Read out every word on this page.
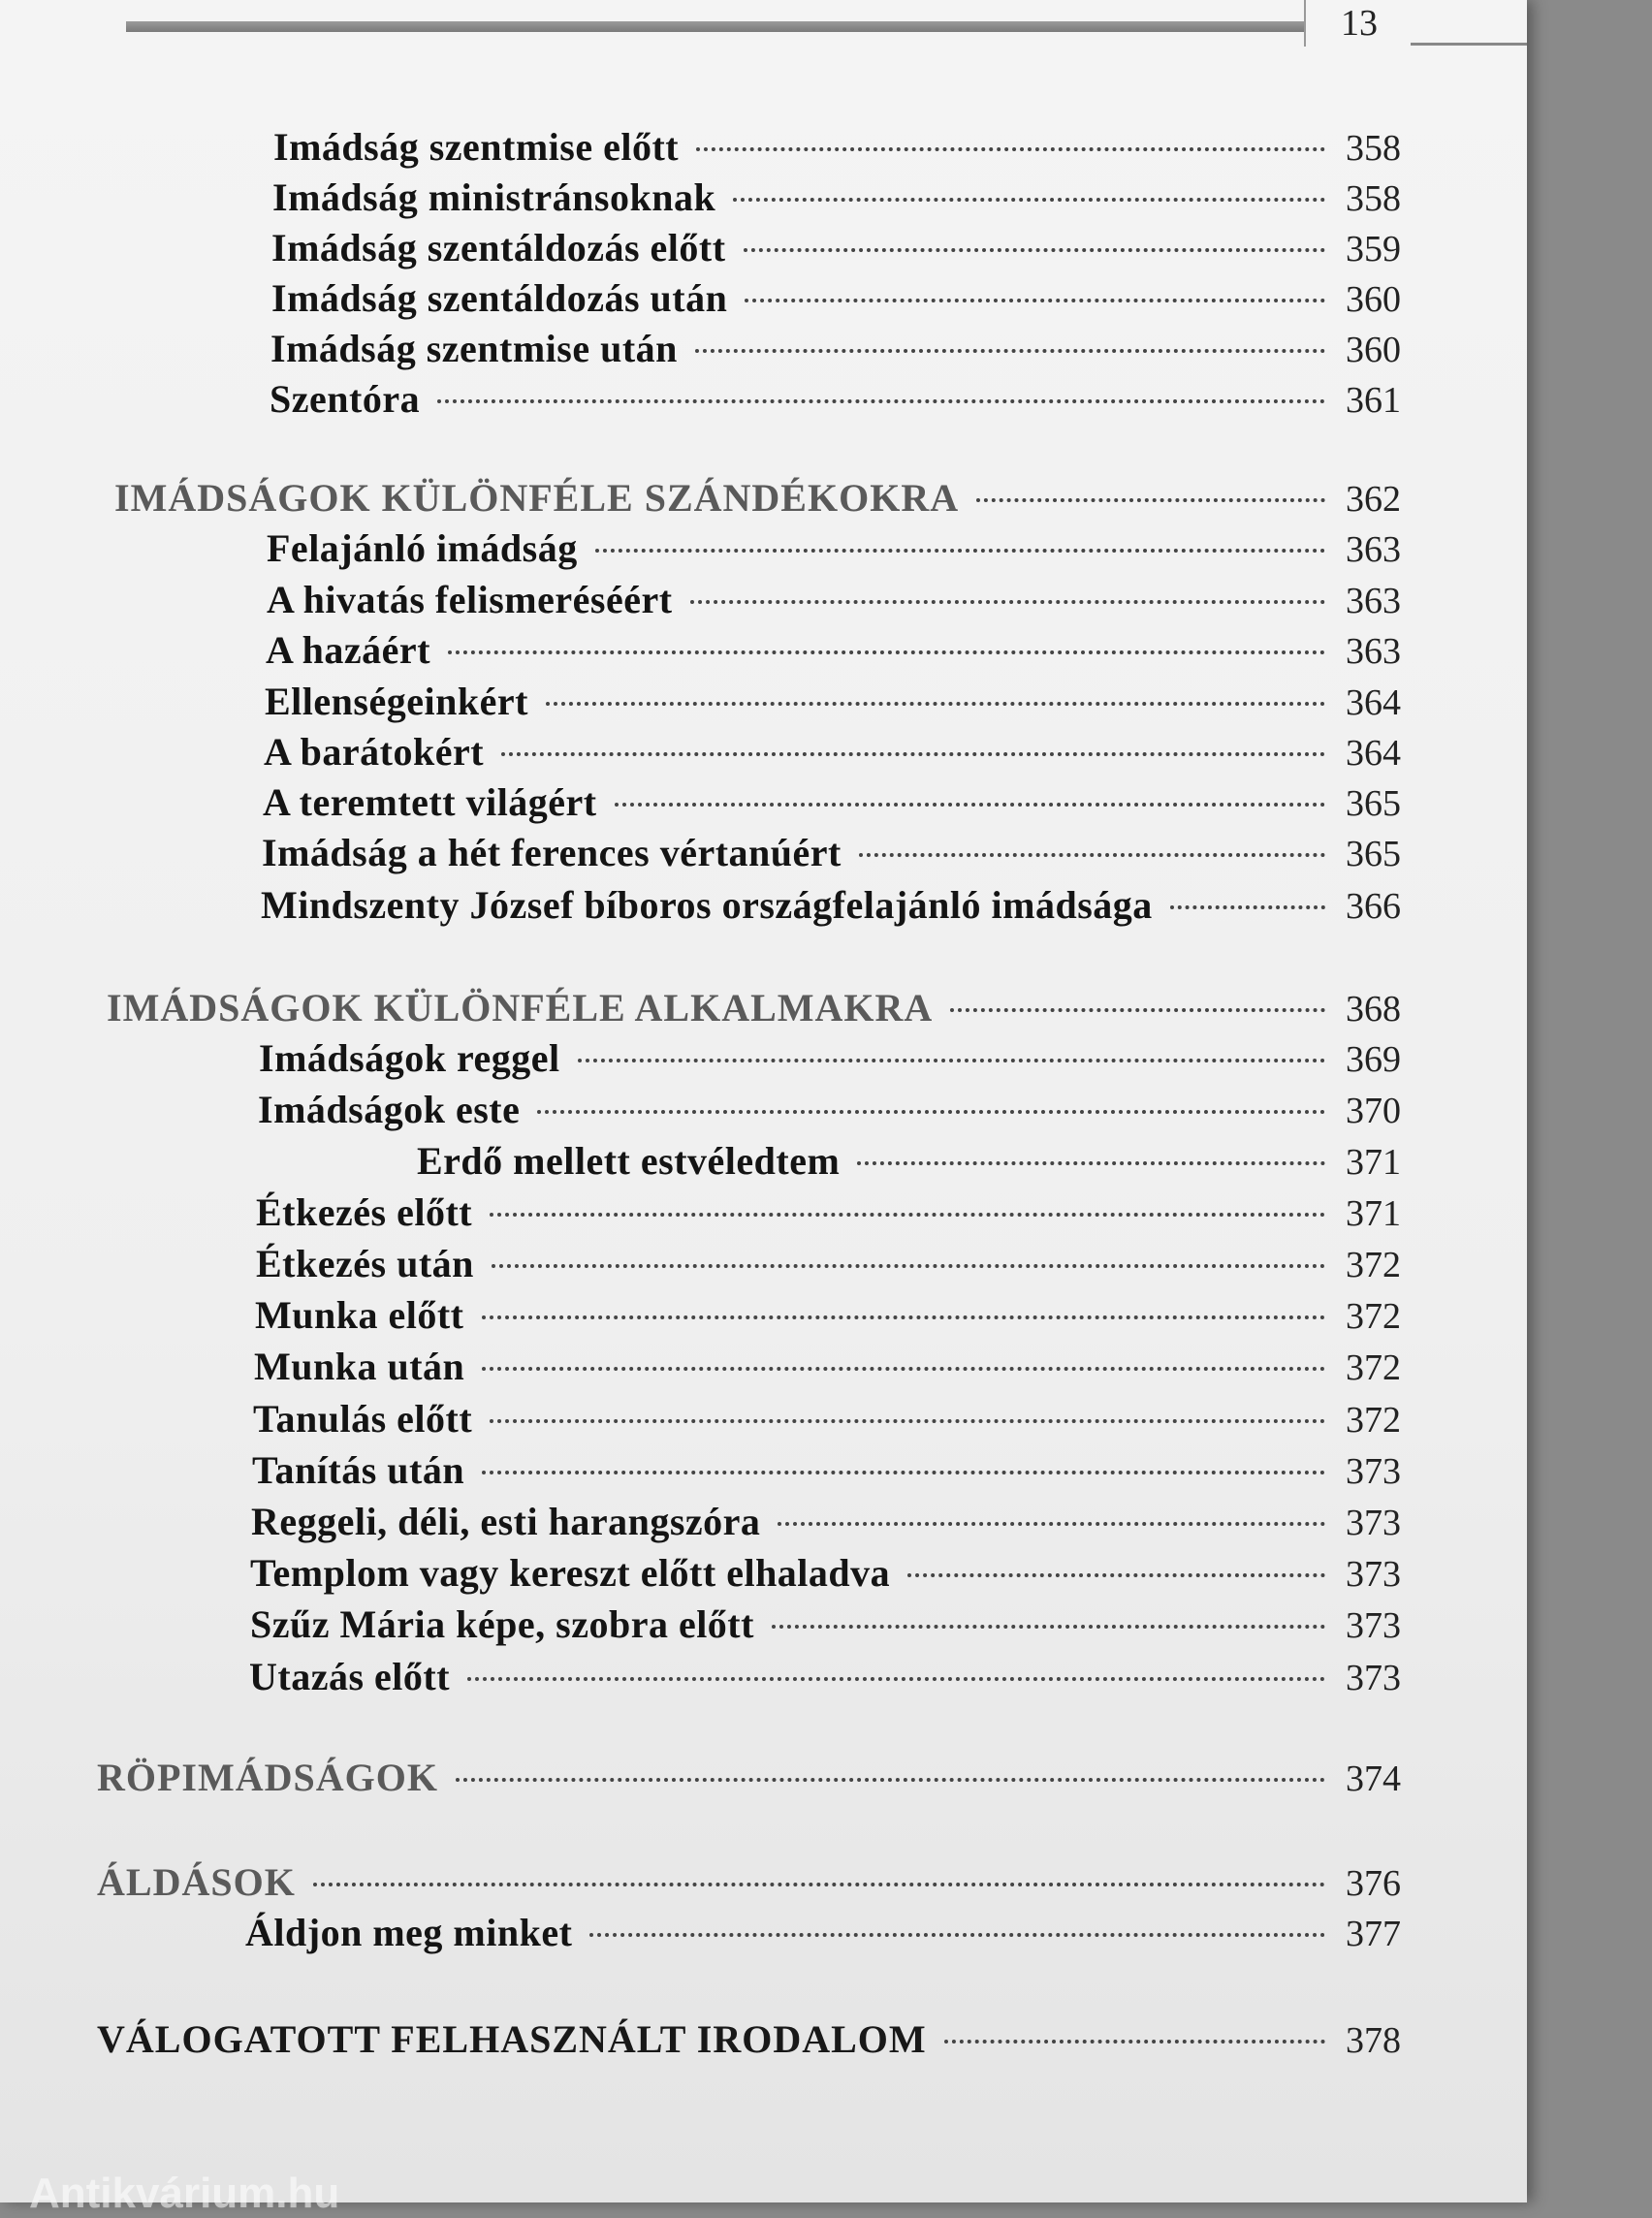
13
Imádság szentmise előtt	358
Imádság ministránsoknak	358
Imádság szentáldozás előtt	359
Imádság szentáldozás után	360
Imádság szentmise után	360
Szentóra	361
IMÁDSÁGOK KÜLÖNFÉLE SZÁNDÉKOKRA	362
Felajánló imádság	363
A hivatás felismeréséért	363
A hazáért	363
Ellenségeinkért	364
A barátokért	364
A teremtett világért	365
Imádság a hét ferences vértanúért	365
Mindszenty József bíboros országfelajánló imádsága	366
IMÁDSÁGOK KÜLÖNFÉLE ALKALMAKRA	368
Imádságok reggel	369
Imádságok este	370
Erdő mellett estvéledtem	371
Étkezés előtt	371
Étkezés után	372
Munka előtt	372
Munka után	372
Tanulás előtt	372
Tanítás után	373
Reggeli, déli, esti harangszóra	373
Templom vagy kereszt előtt elhaladva	373
Szűz Mária képe, szobra előtt	373
Utazás előtt	373
RÖPIMÁDSÁGOK	374
ÁLDÁSOK	376
Áldjon meg minket	377
VÁLOGATOTT FELHASZNÁLT IRODALOM	378
Antikvárium.hu
